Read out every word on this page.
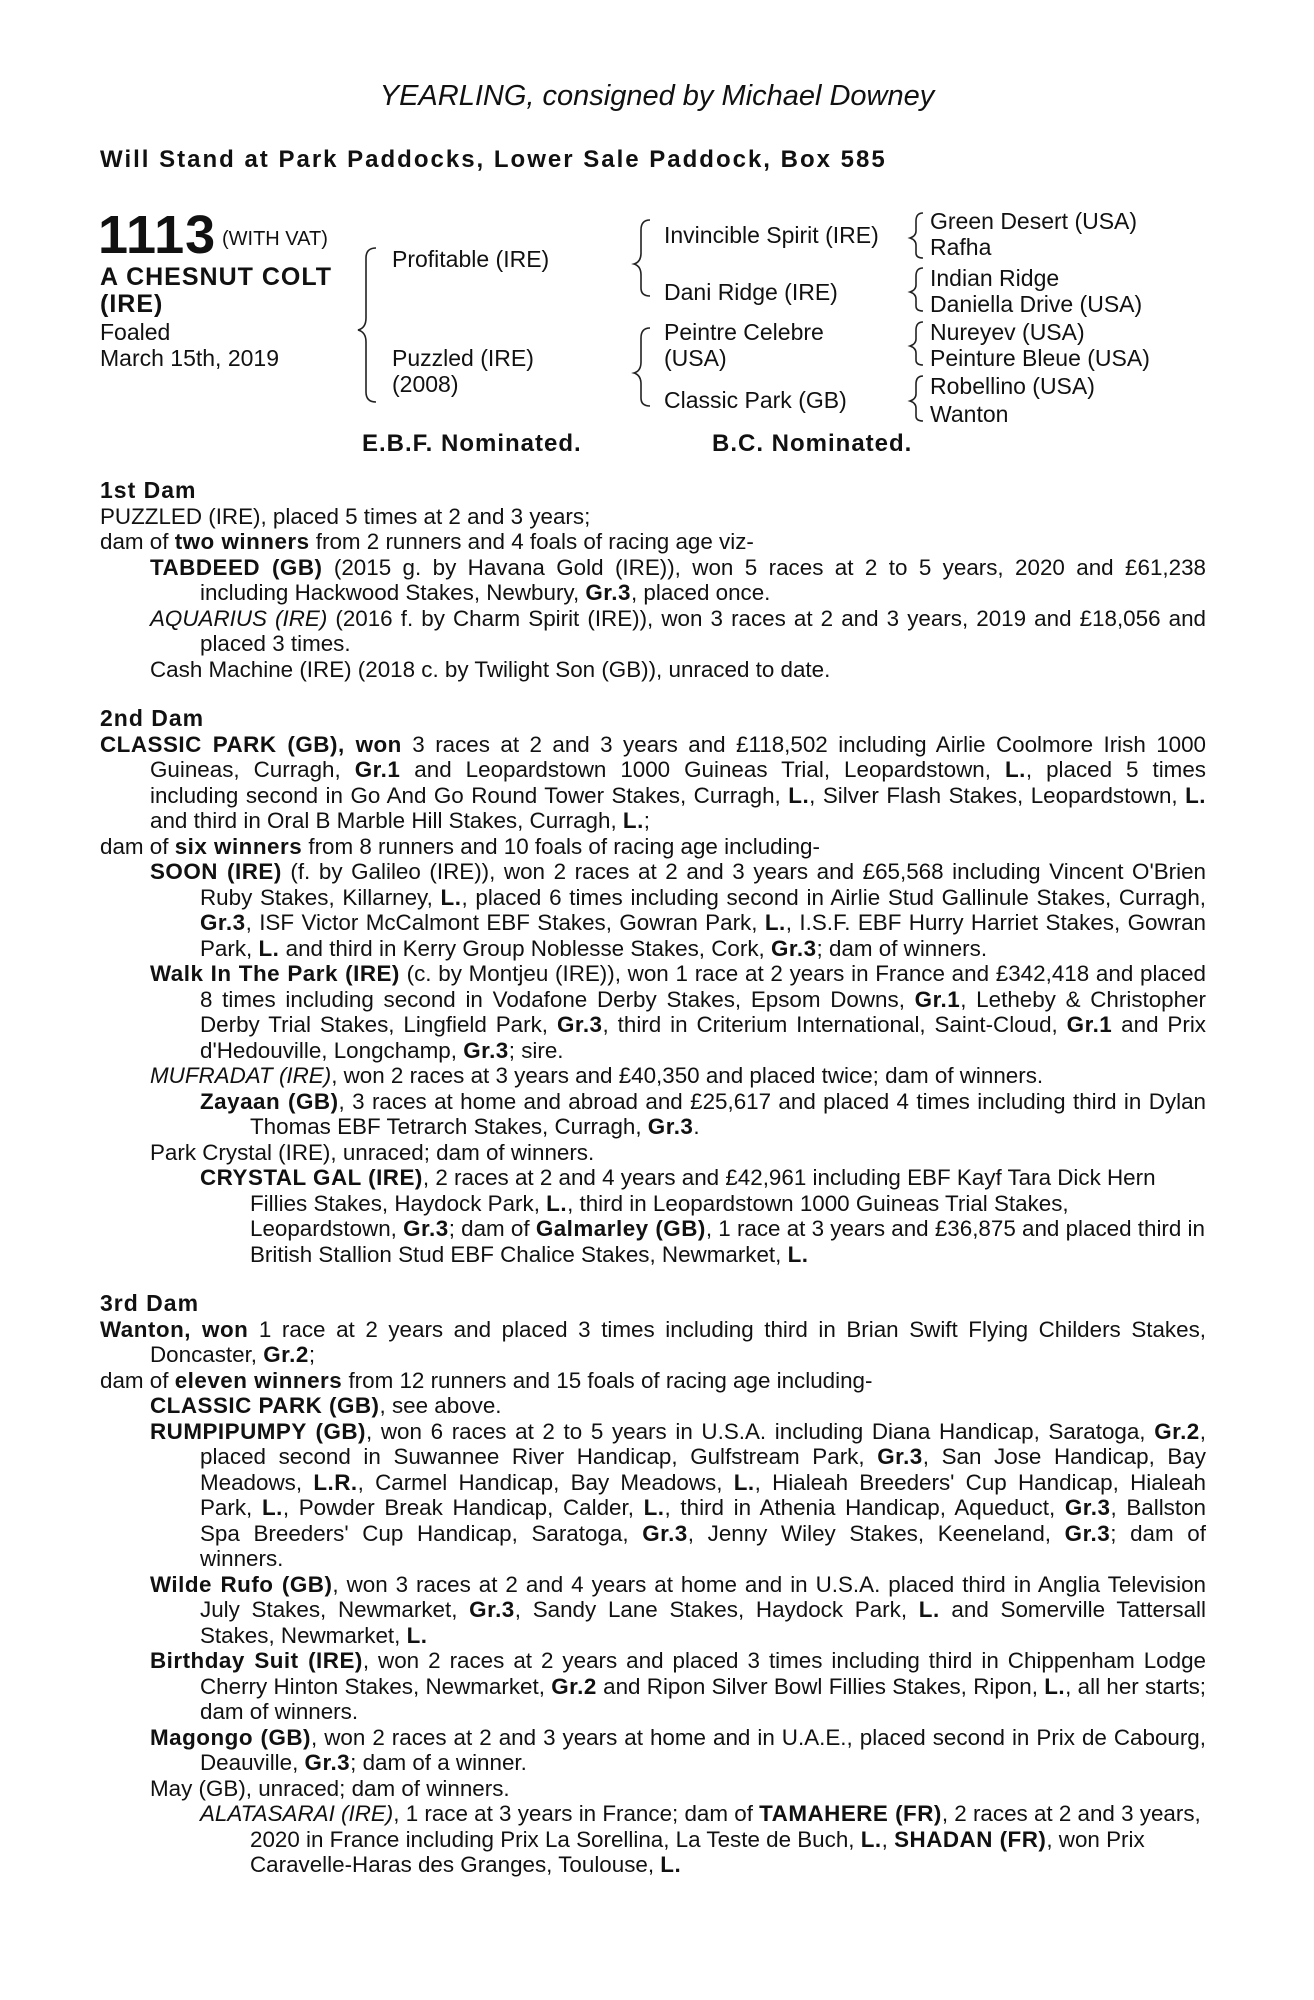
YEARLING, consigned by Michael Downey
Will Stand at Park Paddocks, Lower Sale Paddock, Box 585
1113 (WITH VAT)
A CHESNUT COLT
(IRE)
Foaled
March 15th, 2019
Profitable (IRE)
Puzzled (IRE)
(2008)
Invincible Spirit (IRE)
Dani Ridge (IRE)
Peintre Celebre
(USA)
Classic Park (GB)
Green Desert (USA)
Rafha
Indian Ridge
Daniella Drive (USA)
Nureyev (USA)
Peinture Bleue (USA)
Robellino (USA)
Wanton
E.B.F. Nominated.	B.C. Nominated.

1st Dam

PUZZLED (IRE), placed 5 times at 2 and 3 years;

dam of two winners from 2 runners and 4 foals of racing age viz-

TABDEED (GB) (2015 g. by Havana Gold (IRE)), won 5 races at 2 to 5 years, 2020 and £61,238 including Hackwood Stakes, Newbury, Gr.3, placed once.

AQUARIUS (IRE) (2016 f. by Charm Spirit (IRE)), won 3 races at 2 and 3 years, 2019 and £18,056 and placed 3 times.

Cash Machine (IRE) (2018 c. by Twilight Son (GB)), unraced to date.

2nd Dam

CLASSIC PARK (GB), won 3 races at 2 and 3 years and £118,502 including Airlie Coolmore Irish 1000 Guineas, Curragh, Gr.1 and Leopardstown 1000 Guineas Trial, Leopardstown, L., placed 5 times including second in Go And Go Round Tower Stakes, Curragh, L., Silver Flash Stakes, Leopardstown, L. and third in Oral B Marble Hill Stakes, Curragh, L.;

dam of six winners from 8 runners and 10 foals of racing age including-

SOON (IRE) (f. by Galileo (IRE)), won 2 races at 2 and 3 years and £65,568 including Vincent O'Brien Ruby Stakes, Killarney, L., placed 6 times including second in Airlie Stud Gallinule Stakes, Curragh, Gr.3, ISF Victor McCalmont EBF Stakes, Gowran Park, L., I.S.F. EBF Hurry Harriet Stakes, Gowran Park, L. and third in Kerry Group Noblesse Stakes, Cork, Gr.3; dam of winners.

Walk In The Park (IRE) (c. by Montjeu (IRE)), won 1 race at 2 years in France and £342,418 and placed 8 times including second in Vodafone Derby Stakes, Epsom Downs, Gr.1, Letheby & Christopher Derby Trial Stakes, Lingfield Park, Gr.3, third in Criterium International, Saint-Cloud, Gr.1 and Prix d'Hedouville, Longchamp, Gr.3; sire.

MUFRADAT (IRE), won 2 races at 3 years and £40,350 and placed twice; dam of winners.

Zayaan (GB), 3 races at home and abroad and £25,617 and placed 4 times including third in Dylan Thomas EBF Tetrarch Stakes, Curragh, Gr.3.

Park Crystal (IRE), unraced; dam of winners.

CRYSTAL GAL (IRE), 2 races at 2 and 4 years and £42,961 including EBF Kayf Tara Dick Hern Fillies Stakes, Haydock Park, L., third in Leopardstown 1000 Guineas Trial Stakes, Leopardstown, Gr.3; dam of Galmarley (GB), 1 race at 3 years and £36,875 and placed third in British Stallion Stud EBF Chalice Stakes, Newmarket, L.

3rd Dam

Wanton, won 1 race at 2 years and placed 3 times including third in Brian Swift Flying Childers Stakes, Doncaster, Gr.2;

dam of eleven winners from 12 runners and 15 foals of racing age including-

CLASSIC PARK (GB), see above.

RUMPIPUMPY (GB), won 6 races at 2 to 5 years in U.S.A. including Diana Handicap, Saratoga, Gr.2, placed second in Suwannee River Handicap, Gulfstream Park, Gr.3, San Jose Handicap, Bay Meadows, L.R., Carmel Handicap, Bay Meadows, L., Hialeah Breeders' Cup Handicap, Hialeah Park, L., Powder Break Handicap, Calder, L., third in Athenia Handicap, Aqueduct, Gr.3, Ballston Spa Breeders' Cup Handicap, Saratoga, Gr.3, Jenny Wiley Stakes, Keeneland, Gr.3; dam of winners.

Wilde Rufo (GB), won 3 races at 2 and 4 years at home and in U.S.A. placed third in Anglia Television July Stakes, Newmarket, Gr.3, Sandy Lane Stakes, Haydock Park, L. and Somerville Tattersall Stakes, Newmarket, L.

Birthday Suit (IRE), won 2 races at 2 years and placed 3 times including third in Chippenham Lodge Cherry Hinton Stakes, Newmarket, Gr.2 and Ripon Silver Bowl Fillies Stakes, Ripon, L., all her starts; dam of winners.

Magongo (GB), won 2 races at 2 and 3 years at home and in U.A.E., placed second in Prix de Cabourg, Deauville, Gr.3; dam of a winner.

May (GB), unraced; dam of winners.

ALATASARAI (IRE), 1 race at 3 years in France; dam of TAMAHERE (FR), 2 races at 2 and 3 years, 2020 in France including Prix La Sorellina, La Teste de Buch, L., SHADAN (FR), won Prix Caravelle-Haras des Granges, Toulouse, L.
